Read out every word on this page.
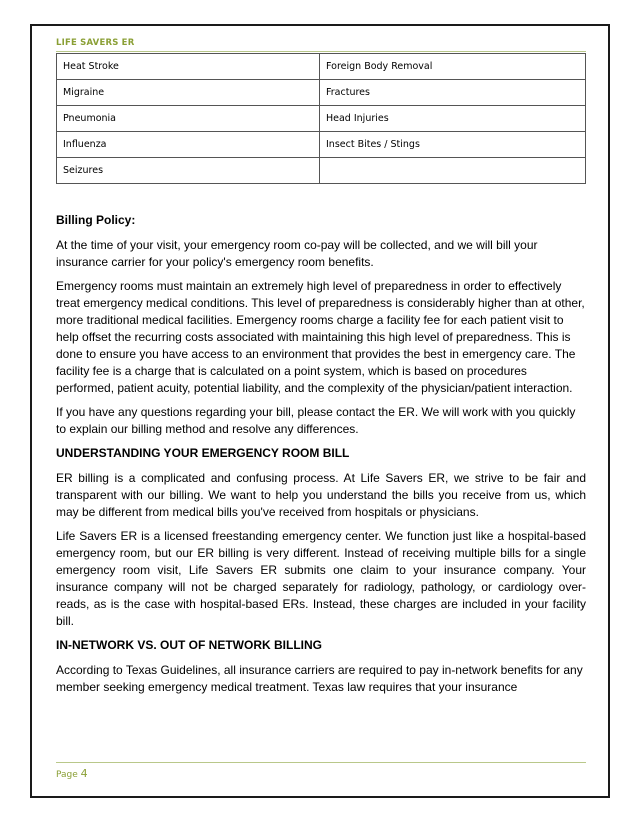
LIFE SAVERS ER
Heat Stroke	Foreign Body Removal
Migraine	Fractures
Pneumonia	Head Injuries
Influenza	Insect Bites / Stings
Seizures	
Billing Policy:

At the time of your visit, your emergency room co-pay will be collected, and we will bill your insurance carrier for your policy's emergency room benefits.

Emergency rooms must maintain an extremely high level of preparedness in order to effectively treat emergency medical conditions. This level of preparedness is considerably higher than at other, more traditional medical facilities. Emergency rooms charge a facility fee for each patient visit to help offset the recurring costs associated with maintaining this high level of preparedness. This is done to ensure you have access to an environment that provides the best in emergency care. The facility fee is a charge that is calculated on a point system, which is based on procedures performed, patient acuity, potential liability, and the complexity of the physician/patient interaction.

If you have any questions regarding your bill, please contact the ER. We will work with you quickly to explain our billing method and resolve any differences.

UNDERSTANDING YOUR EMERGENCY ROOM BILL

ER billing is a complicated and confusing process. At Life Savers ER, we strive to be fair and transparent with our billing. We want to help you understand the bills you receive from us, which may be different from medical bills you've received from hospitals or physicians.

Life Savers ER is a licensed freestanding emergency center. We function just like a hospital-based emergency room, but our ER billing is very different. Instead of receiving multiple bills for a single emergency room visit, Life Savers ER submits one claim to your insurance company. Your insurance company will not be charged separately for radiology, pathology, or cardiology over-reads, as is the case with hospital-based ERs. Instead, these charges are included in your facility bill.

IN-NETWORK VS. OUT OF NETWORK BILLING

According to Texas Guidelines, all insurance carriers are required to pay in-network benefits for any member seeking emergency medical treatment. Texas law requires that your insurance

Page 4
